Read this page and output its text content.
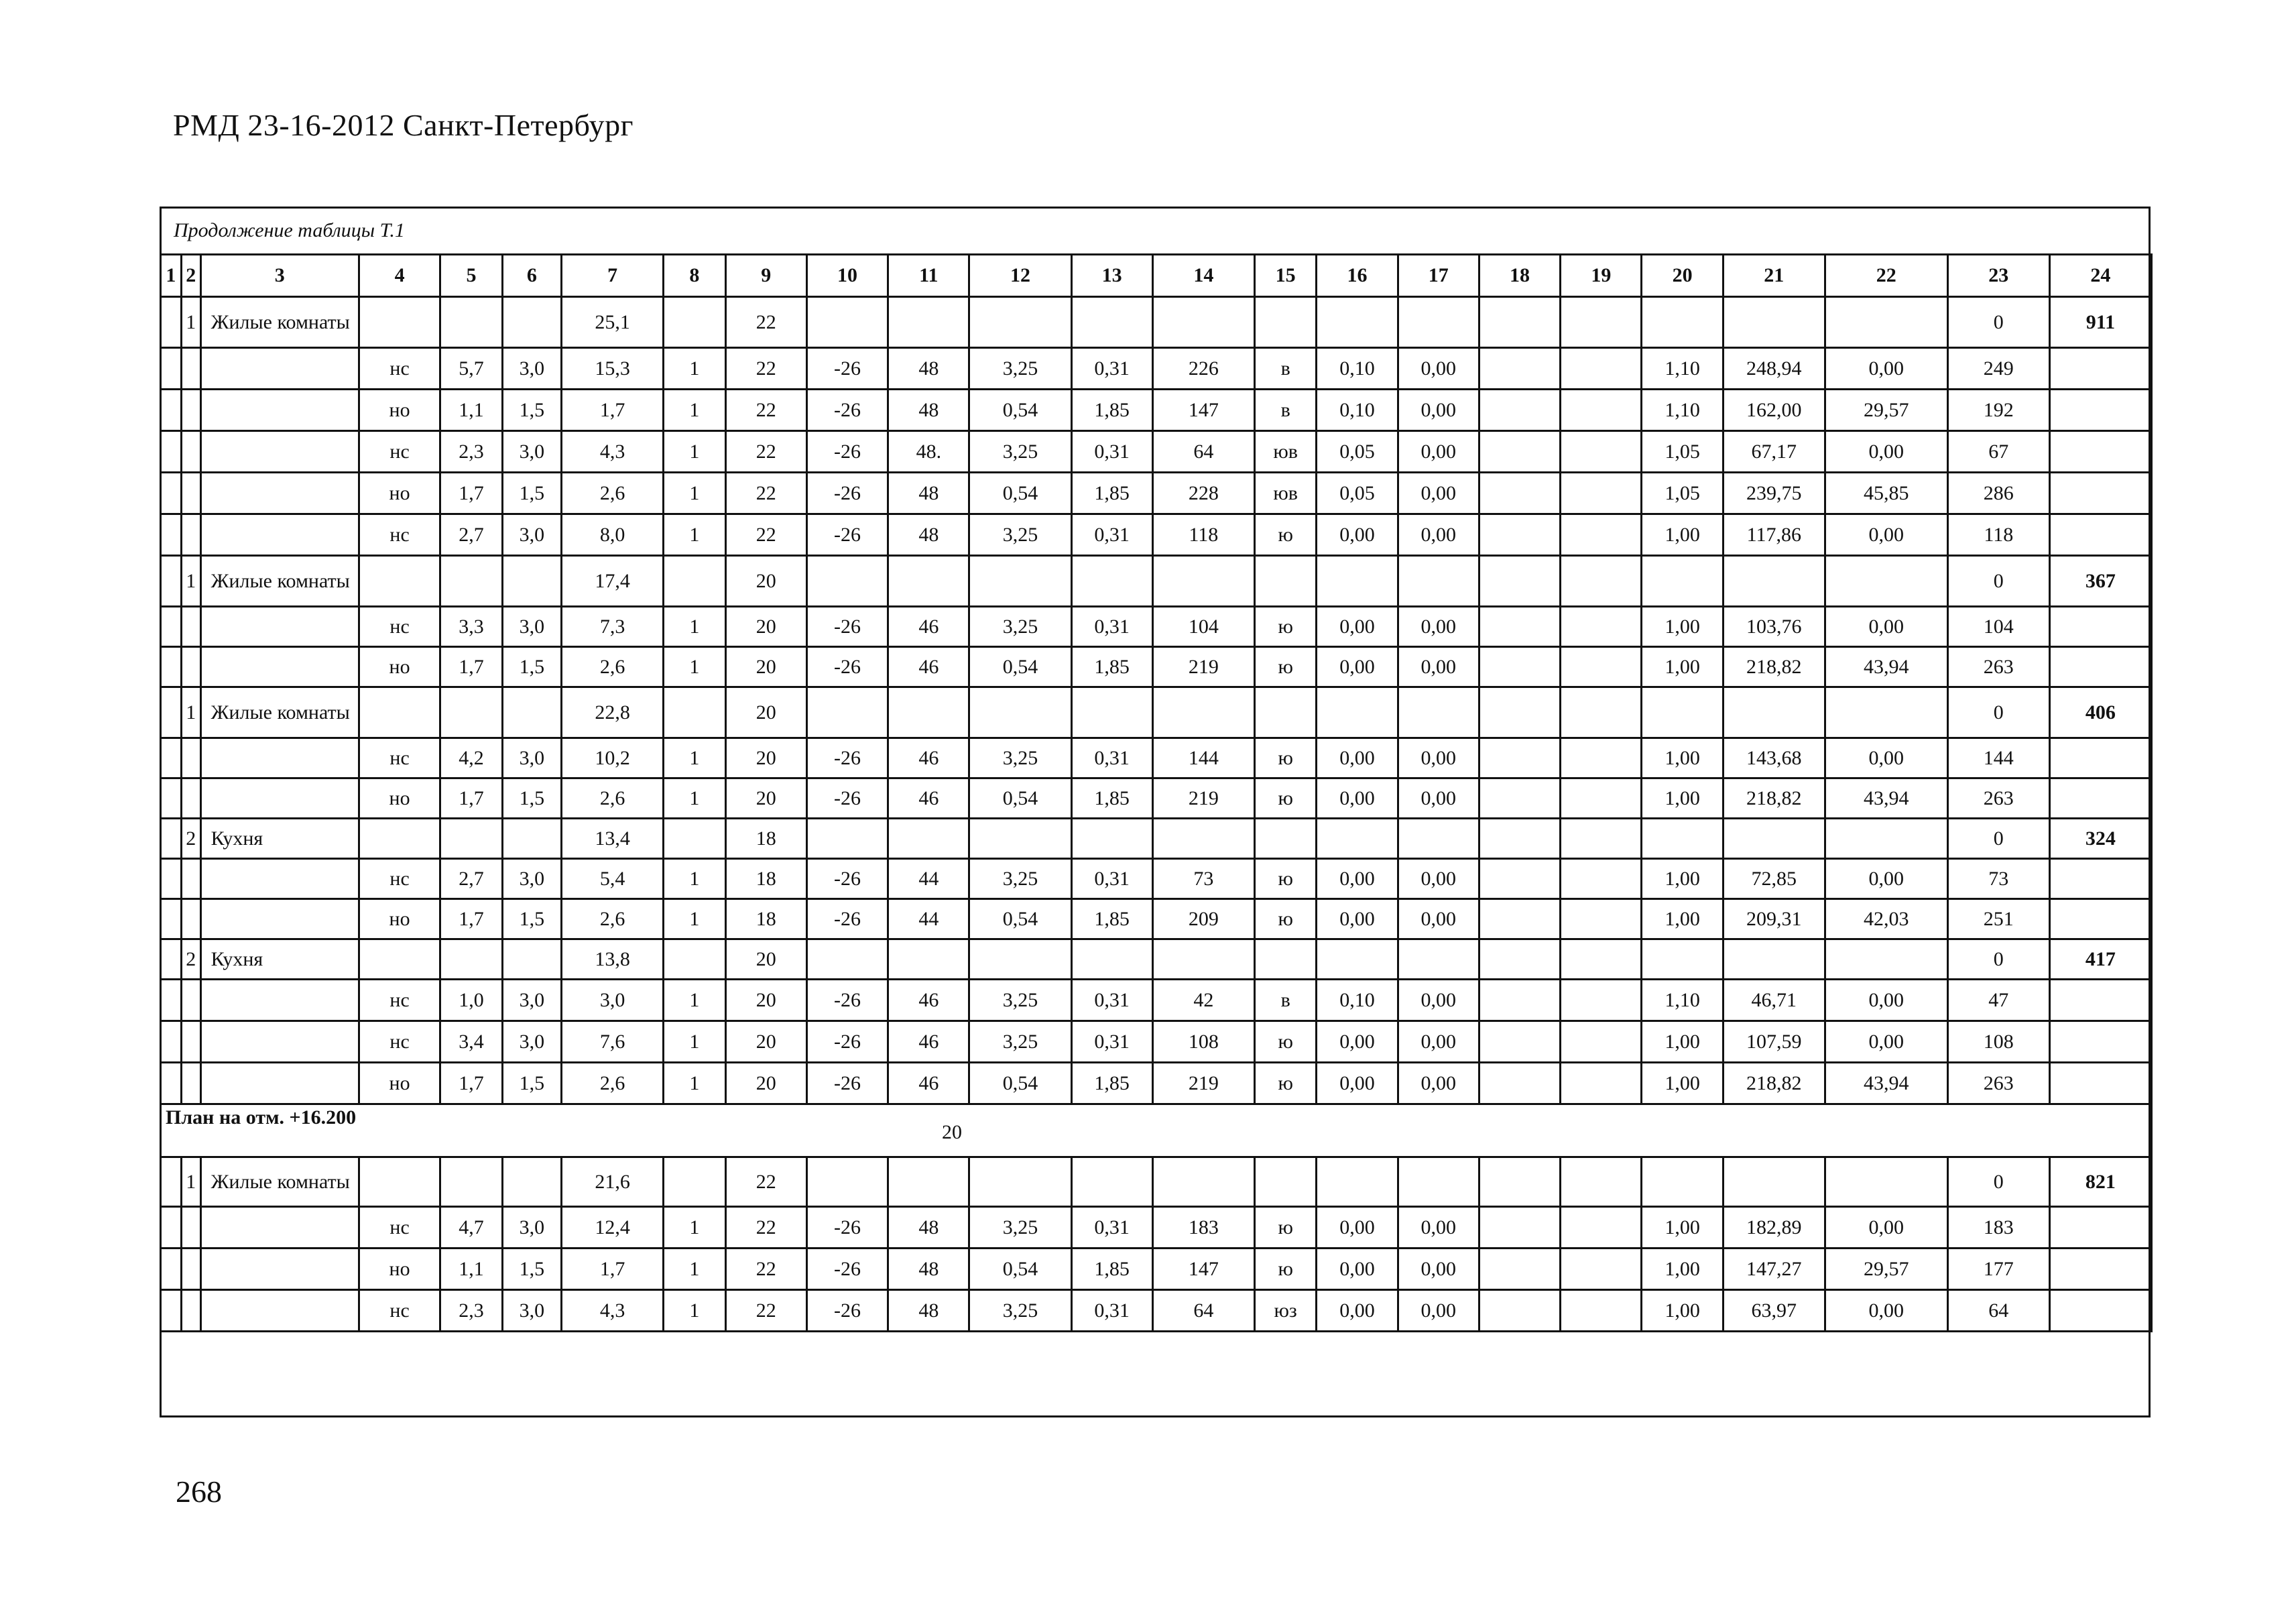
РМД 23-16-2012 Санкт-Петербург
Продолжение таблицы Т.1
1	2	3	4	5	6	7	8	9	10	11	12	13	14	15	16	17	18	19	20	21	22	23	24
	1	Жилые комнаты				25,1		22														0	911
			нс	5,7	3,0	15,3	1	22	-26	48	3,25	0,31	226	в	0,10	0,00			1,10	248,94	0,00	249	
			но	1,1	1,5	1,7	1	22	-26	48	0,54	1,85	147	в	0,10	0,00			1,10	162,00	29,57	192	
			нс	2,3	3,0	4,3	1	22	-26	48.	3,25	0,31	64	юв	0,05	0,00			1,05	67,17	0,00	67	
			но	1,7	1,5	2,6	1	22	-26	48	0,54	1,85	228	юв	0,05	0,00			1,05	239,75	45,85	286	
			нс	2,7	3,0	8,0	1	22	-26	48	3,25	0,31	118	ю	0,00	0,00			1,00	117,86	0,00	118	
	1	Жилые комнаты				17,4		20														0	367
			нс	3,3	3,0	7,3	1	20	-26	46	3,25	0,31	104	ю	0,00	0,00			1,00	103,76	0,00	104	
			но	1,7	1,5	2,6	1	20	-26	46	0,54	1,85	219	ю	0,00	0,00			1,00	218,82	43,94	263	
	1	Жилые комнаты				22,8		20														0	406
			нс	4,2	3,0	10,2	1	20	-26	46	3,25	0,31	144	ю	0,00	0,00			1,00	143,68	0,00	144	
			но	1,7	1,5	2,6	1	20	-26	46	0,54	1,85	219	ю	0,00	0,00			1,00	218,82	43,94	263	
	2	Кухня				13,4		18														0	324
			нс	2,7	3,0	5,4	1	18	-26	44	3,25	0,31	73	ю	0,00	0,00			1,00	72,85	0,00	73	
			но	1,7	1,5	2,6	1	18	-26	44	0,54	1,85	209	ю	0,00	0,00			1,00	209,31	42,03	251	
	2	Кухня				13,8		20														0	417
			нс	1,0	3,0	3,0	1	20	-26	46	3,25	0,31	42	в	0,10	0,00			1,10	46,71	0,00	47	
			нс	3,4	3,0	7,6	1	20	-26	46	3,25	0,31	108	ю	0,00	0,00			1,00	107,59	0,00	108	
			но	1,7	1,5	2,6	1	20	-26	46	0,54	1,85	219	ю	0,00	0,00			1,00	218,82	43,94	263	

План на отм. +16.200
20																							

	1	Жилые комнаты				21,6		22														0	821
			нс	4,7	3,0	12,4	1	22	-26	48	3,25	0,31	183	ю	0,00	0,00			1,00	182,89	0,00	183	
			но	1,1	1,5	1,7	1	22	-26	48	0,54	1,85	147	ю	0,00	0,00			1,00	147,27	29,57	177	
			нс	2,3	3,0	4,3	1	22	-26	48	3,25	0,31	64	юз	0,00	0,00			1,00	63,97	0,00	64	
268
